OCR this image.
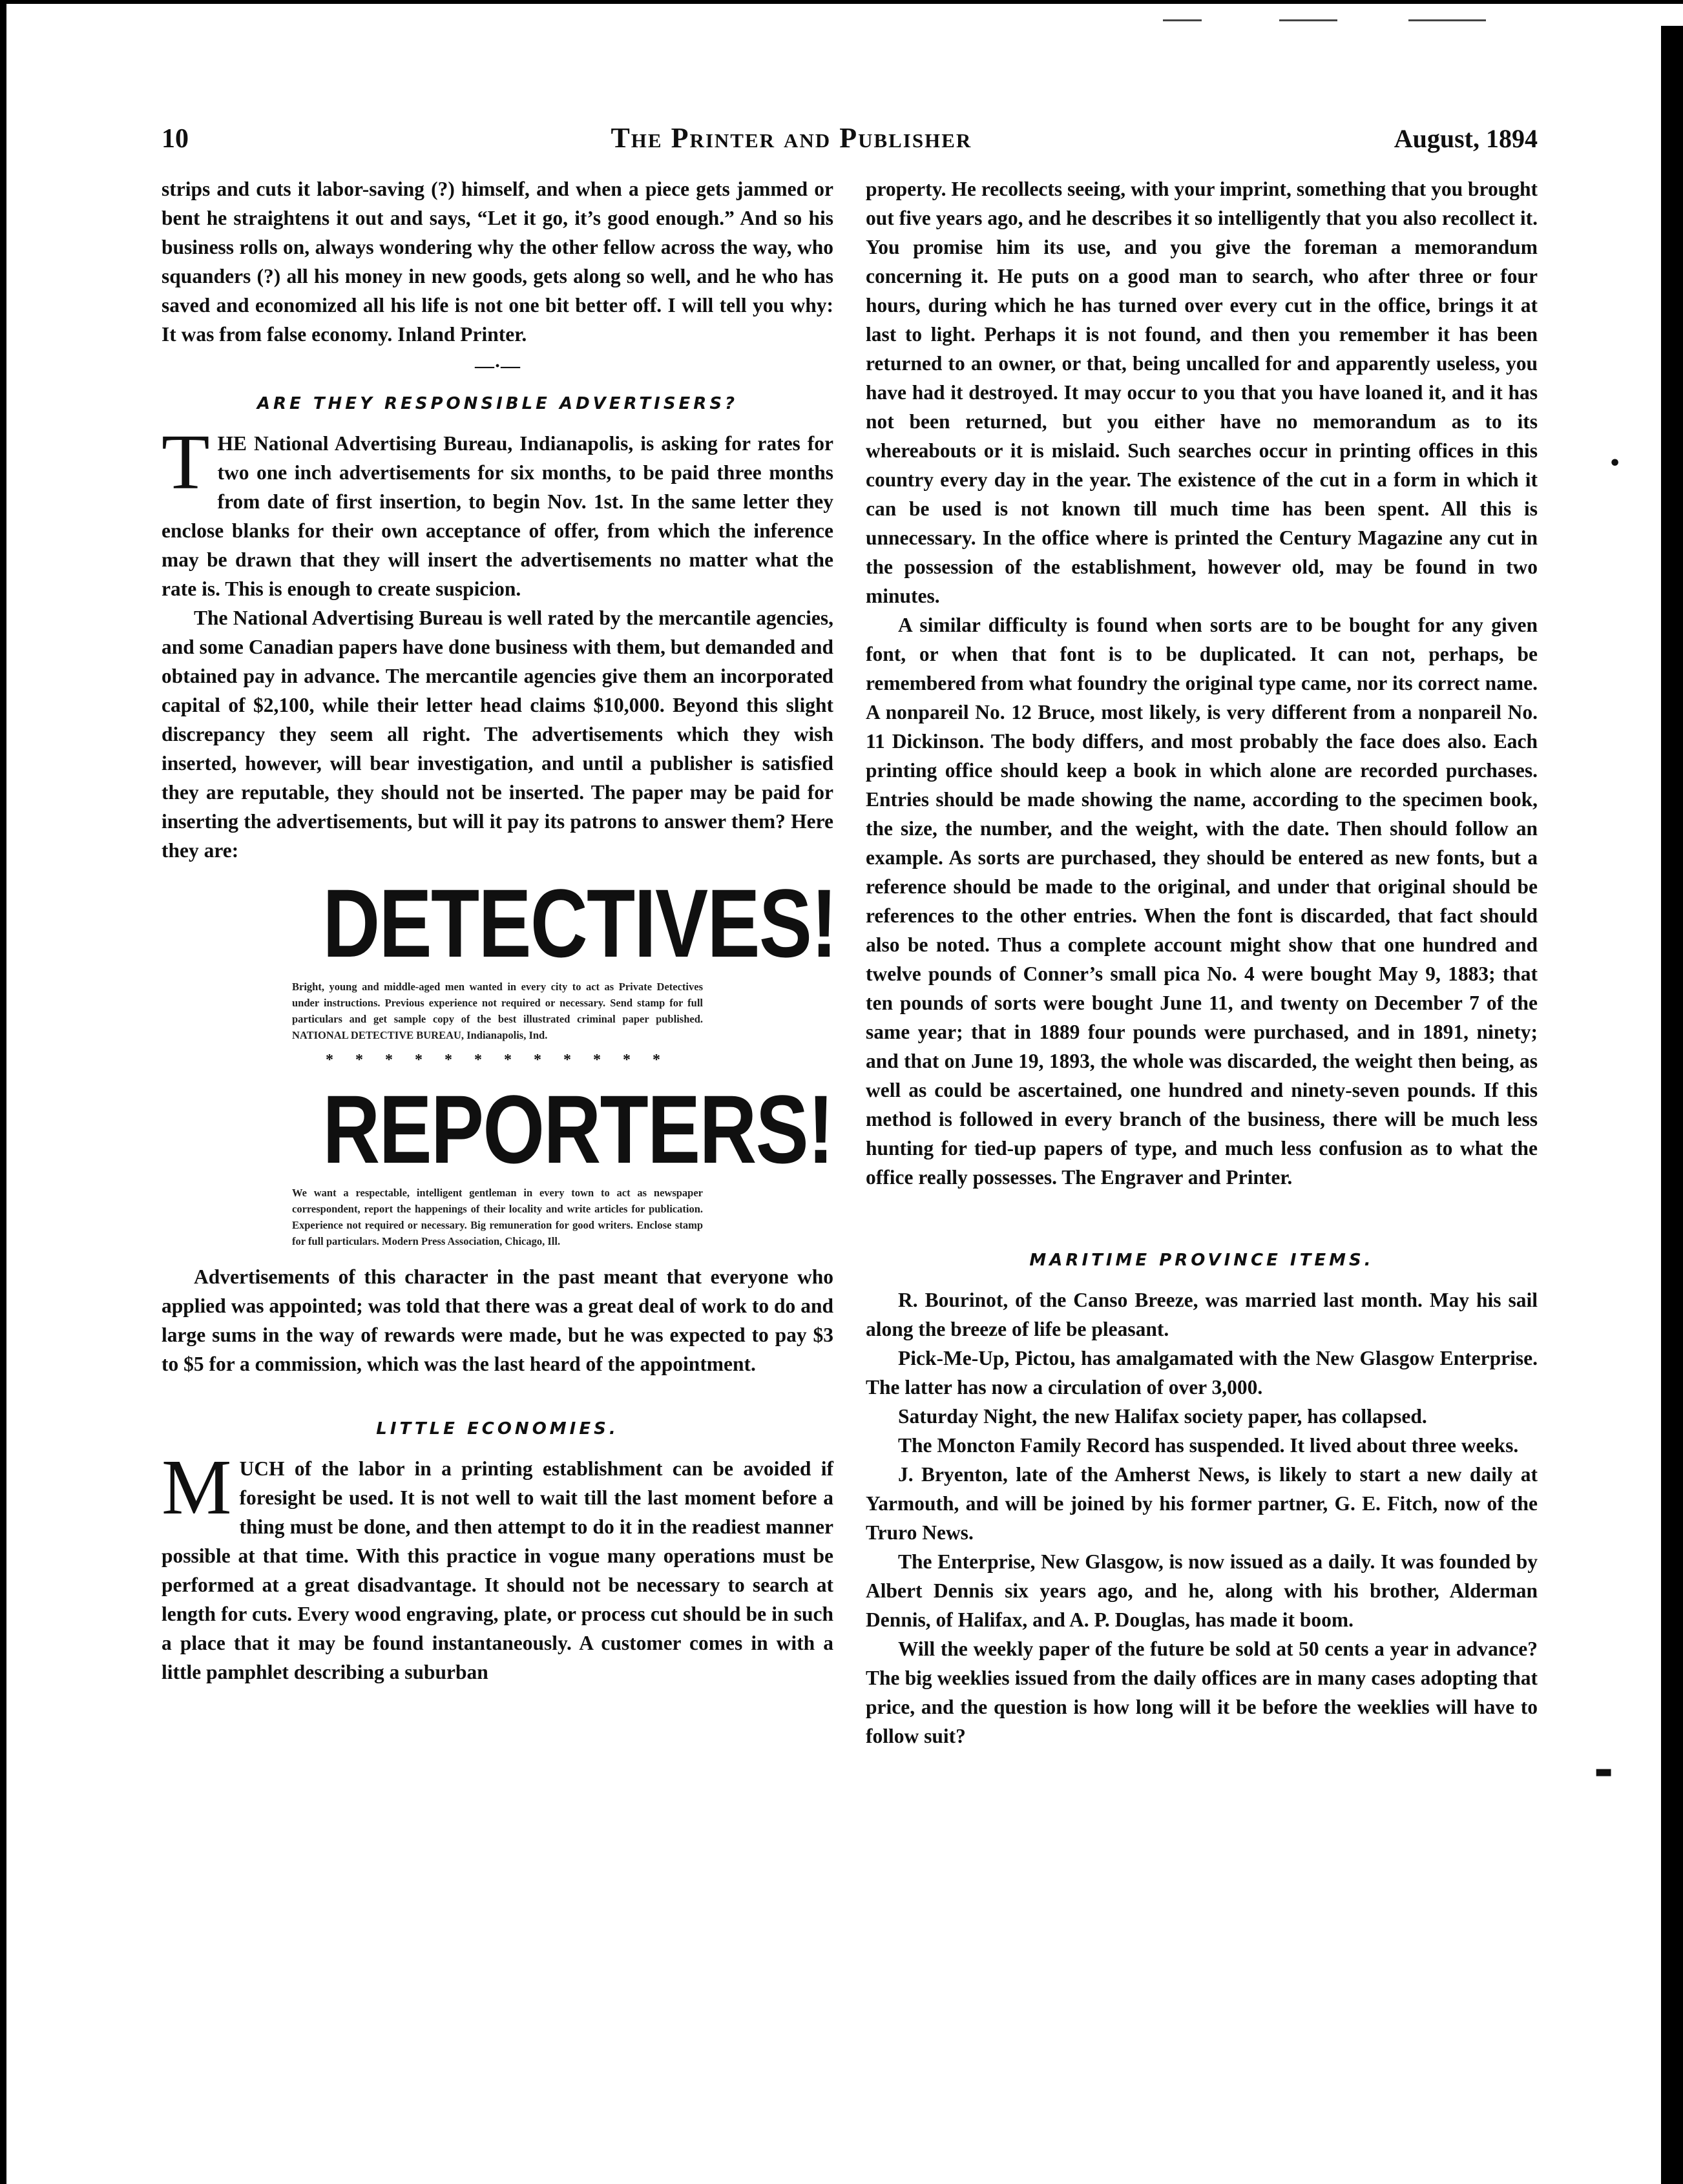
•
▬
10	The Printer and Publisher	August, 1894

strips and cuts it labor-saving (?) himself, and when a piece gets jammed or bent he straightens it out and says, “Let it go, it’s good enough.” And so his business rolls on, always wondering why the other fellow across the way, who squanders (?) all his money in new goods, gets along so well, and he who has saved and economized all his life is not one bit better off. I will tell you why: It was from false economy. Inland Printer.

—·—
ARE THEY RESPONSIBLE ADVERTISERS?

THE National Advertising Bureau, Indianapolis, is asking for rates for two one inch advertisements for six months, to be paid three months from date of first insertion, to begin Nov. 1st. In the same letter they enclose blanks for their own acceptance of offer, from which the inference may be drawn that they will insert the advertisements no matter what the rate is. This is enough to create suspicion.

The National Advertising Bureau is well rated by the mercantile agencies, and some Canadian papers have done business with them, but demanded and obtained pay in advance. The mercantile agencies give them an incorporated capital of $2,100, while their letter head claims $10,000. Beyond this slight discrepancy they seem all right. The advertisements which they wish inserted, however, will bear investigation, and until a publisher is satisfied they are reputable, they should not be inserted. The paper may be paid for inserting the advertisements, but will it pay its patrons to answer them? Here they are:

DETECTIVES!
Bright, young and middle-aged men wanted in every city to act as Private Detectives under instructions. Previous experience not required or necessary. Send stamp for full particulars and get sample copy of the best illustrated criminal paper published. NATIONAL DETECTIVE BUREAU, Indianapolis, Ind.
* * * * * * * * * * * *
REPORTERS!
We want a respectable, intelligent gentleman in every town to act as newspaper correspondent, report the happenings of their locality and write articles for publication. Experience not required or necessary. Big remuneration for good writers. Enclose stamp for full particulars. Modern Press Association, Chicago, Ill.

Advertisements of this character in the past meant that everyone who applied was appointed; was told that there was a great deal of work to do and large sums in the way of rewards were made, but he was expected to pay $3 to $5 for a commission, which was the last heard of the appointment.

LITTLE ECONOMIES.

MUCH of the labor in a printing establishment can be avoided if foresight be used. It is not well to wait till the last moment before a thing must be done, and then attempt to do it in the readiest manner possible at that time. With this practice in vogue many operations must be performed at a great disadvantage. It should not be necessary to search at length for cuts. Every wood engraving, plate, or process cut should be in such a place that it may be found instantaneously. A customer comes in with a little pamphlet describing a suburban

property. He recollects seeing, with your imprint, something that you brought out five years ago, and he describes it so intelligently that you also recollect it. You promise him its use, and you give the foreman a memorandum concerning it. He puts on a good man to search, who after three or four hours, during which he has turned over every cut in the office, brings it at last to light. Perhaps it is not found, and then you remember it has been returned to an owner, or that, being uncalled for and apparently useless, you have had it destroyed. It may occur to you that you have loaned it, and it has not been returned, but you either have no memorandum as to its whereabouts or it is mislaid. Such searches occur in printing offices in this country every day in the year. The existence of the cut in a form in which it can be used is not known till much time has been spent. All this is unnecessary. In the office where is printed the Century Magazine any cut in the possession of the establishment, however old, may be found in two minutes.

A similar difficulty is found when sorts are to be bought for any given font, or when that font is to be duplicated. It can not, perhaps, be remembered from what foundry the original type came, nor its correct name. A nonpareil No. 12 Bruce, most likely, is very different from a nonpareil No. 11 Dickinson. The body differs, and most probably the face does also. Each printing office should keep a book in which alone are recorded purchases. Entries should be made showing the name, according to the specimen book, the size, the number, and the weight, with the date. Then should follow an example. As sorts are purchased, they should be entered as new fonts, but a reference should be made to the original, and under that original should be references to the other entries. When the font is discarded, that fact should also be noted. Thus a complete account might show that one hundred and twelve pounds of Conner’s small pica No. 4 were bought May 9, 1883; that ten pounds of sorts were bought June 11, and twenty on December 7 of the same year; that in 1889 four pounds were purchased, and in 1891, ninety; and that on June 19, 1893, the whole was discarded, the weight then being, as well as could be ascertained, one hundred and ninety-seven pounds. If this method is followed in every branch of the business, there will be much less hunting for tied-up papers of type, and much less confusion as to what the office really possesses. The Engraver and Printer.

MARITIME PROVINCE ITEMS.

R. Bourinot, of the Canso Breeze, was married last month. May his sail along the breeze of life be pleasant.

Pick-Me-Up, Pictou, has amalgamated with the New Glasgow Enterprise. The latter has now a circulation of over 3,000.

Saturday Night, the new Halifax society paper, has collapsed.

The Moncton Family Record has suspended. It lived about three weeks.

J. Bryenton, late of the Amherst News, is likely to start a new daily at Yarmouth, and will be joined by his former partner, G. E. Fitch, now of the Truro News.

The Enterprise, New Glasgow, is now issued as a daily. It was founded by Albert Dennis six years ago, and he, along with his brother, Alderman Dennis, of Halifax, and A. P. Douglas, has made it boom.

Will the weekly paper of the future be sold at 50 cents a year in advance? The big weeklies issued from the daily offices are in many cases adopting that price, and the question is how long will it be before the weeklies will have to follow suit?
